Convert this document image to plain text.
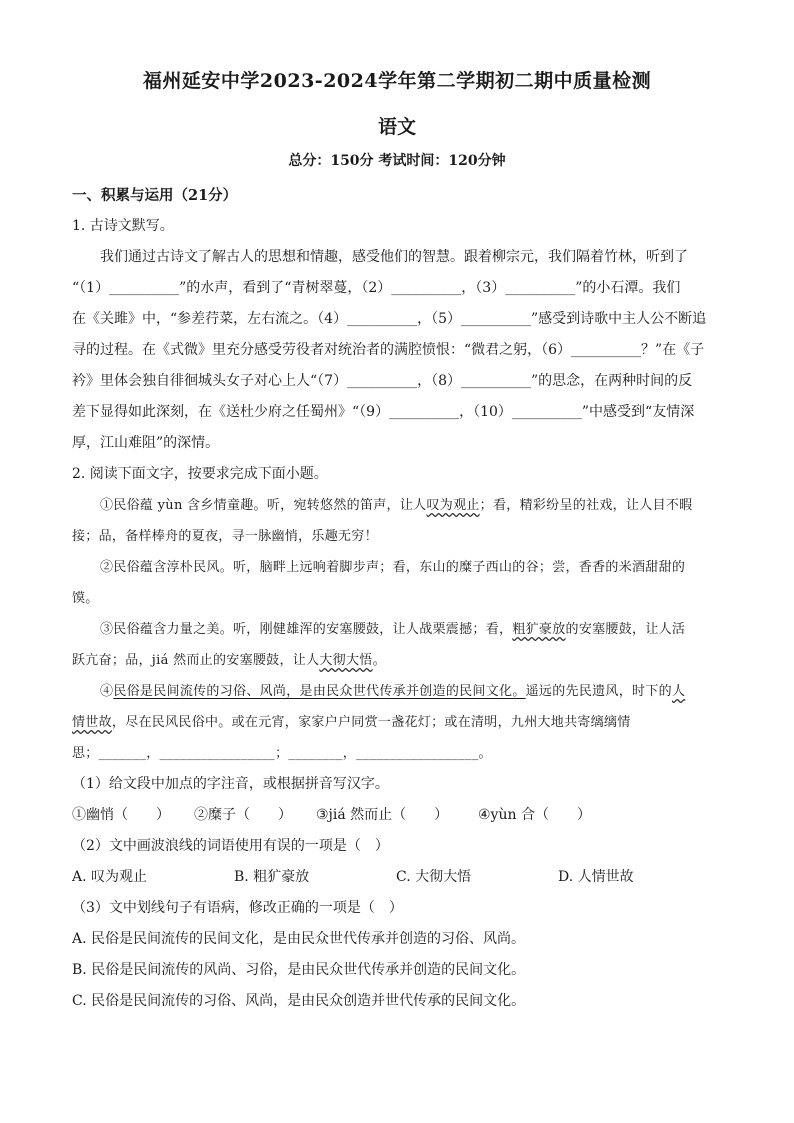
福州延安中学2023-2024学年第二学期初二期中质量检测
语文
总分：150分 考试时间：120分钟
一、积累与运用（21分）
1. 古诗文默写。
我们通过古诗文了解古人的思想和情趣，感受他们的智慧。跟着柳宗元，我们隔着竹林，听到了
“（1）__________”的水声，看到了“青树翠蔓，（2）__________，（3）__________”的小石潭。我们
在《关雎》中，“参差荇菜，左右流之。（4）__________，（5）__________”感受到诗歌中主人公不断追
寻的过程。在《式微》里充分感受劳役者对统治者的满腔愤恨：“微君之躬，（6）__________？”在《子
衿》里体会独自徘徊城头女子对心上人“（7）__________，（8）__________”的思念，在两种时间的反
差下显得如此深刻，在《送杜少府之任蜀州》“（9）__________，（10）__________”中感受到“友情深
厚，江山难阻”的深情。
2. 阅读下面文字，按要求完成下面小题。
①民俗蕴 yùn 含乡情童趣。听，宛转悠然的笛声，让人叹为观止；看，精彩纷呈的社戏，让人目不暇
接；品，备样棒舟的夏夜，寻一脉幽悄，乐趣无穷！
②民俗蕴含淳朴民风。听，脑畔上远响着脚步声；看，东山的糜子西山的谷；尝，香香的米酒甜甜的
馍。
③民俗蕴含力量之美。听，刚健雄浑的安塞腰鼓，让人战栗震撼；看，粗犷豪放的安塞腰鼓，让人活
跃亢奋；品，jiá 然而止的安塞腰鼓，让人大彻大悟。
④民俗是民间流传的习俗、风尚，是由民众世代传承并创造的民间文化。遥远的先民遗风，时下的人
情世故，尽在民风民俗中。或在元宵，家家户户同赏一盏花灯；或在清明，九州大地共寄缡缡情
思；_______，_________________；________，__________________。
（1）给文段中加点的字注音，或根据拼音写汉字。
①幽悄（　　）	②糜子（　　）	③jiá 然而止（　　）	④yùn 合（　　）
（2）文中画波浪线的词语使用有误的一项是（　）
A. 叹为观止	B. 粗犷豪放	C. 大彻大悟	D. 人情世故
（3）文中划线句子有语病，修改正确的一项是（　）
A. 民俗是民间流传的民间文化，是由民众世代传承并创造的习俗、风尚。
B. 民俗是民间流传的风尚、习俗，是由民众世代传承并创造的民间文化。
C. 民俗是民间流传的习俗、风尚，是由民众创造并世代传承的民间文化。
